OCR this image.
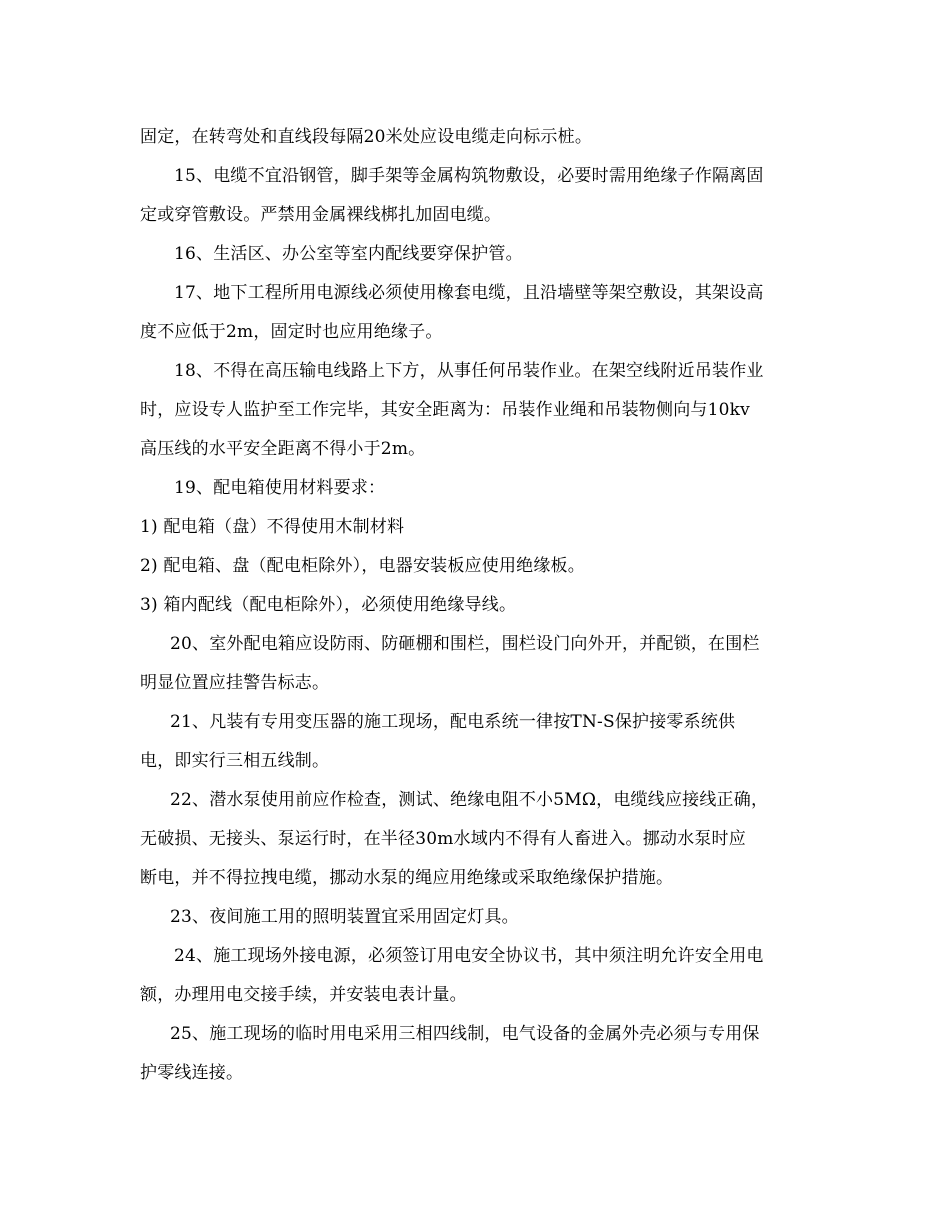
固定，在转弯处和直线段每隔20米处应设电缆走向标示桩。
15、电缆不宜沿钢管，脚手架等金属构筑物敷设，必要时需用绝缘子作隔离固
定或穿管敷设。严禁用金属裸线梆扎加固电缆。
16、生活区、办公室等室内配线要穿保护管。
17、地下工程所用电源线必须使用橡套电缆，且沿墙壁等架空敷设，其架设高
度不应低于2m，固定时也应用绝缘子。
18、不得在高压输电线路上下方，从事任何吊装作业。在架空线附近吊装作业
时，应设专人监护至工作完毕，其安全距离为：吊装作业绳和吊装物侧向与10kv
高压线的水平安全距离不得小于2m。
19、配电箱使用材料要求：
1) 配电箱（盘）不得使用木制材料
2) 配电箱、盘（配电柜除外），电器安装板应使用绝缘板。
3) 箱内配线（配电柜除外），必须使用绝缘导线。
20、室外配电箱应设防雨、防砸棚和围栏，围栏设门向外开，并配锁，在围栏
明显位置应挂警告标志。
21、凡装有专用变压器的施工现场，配电系统一律按TN-S保护接零系统供
电，即实行三相五线制。
22、潜水泵使用前应作检查，测试、绝缘电阻不小5MΩ，电缆线应接线正确，
无破损、无接头、泵运行时，在半径30m水域内不得有人畜进入。挪动水泵时应
断电，并不得拉拽电缆，挪动水泵的绳应用绝缘或采取绝缘保护措施。
23、夜间施工用的照明装置宜采用固定灯具。
24、施工现场外接电源，必须签订用电安全协议书，其中须注明允许安全用电
额，办理用电交接手续，并安装电表计量。
25、施工现场的临时用电采用三相四线制，电气设备的金属外壳必须与专用保
护零线连接。
